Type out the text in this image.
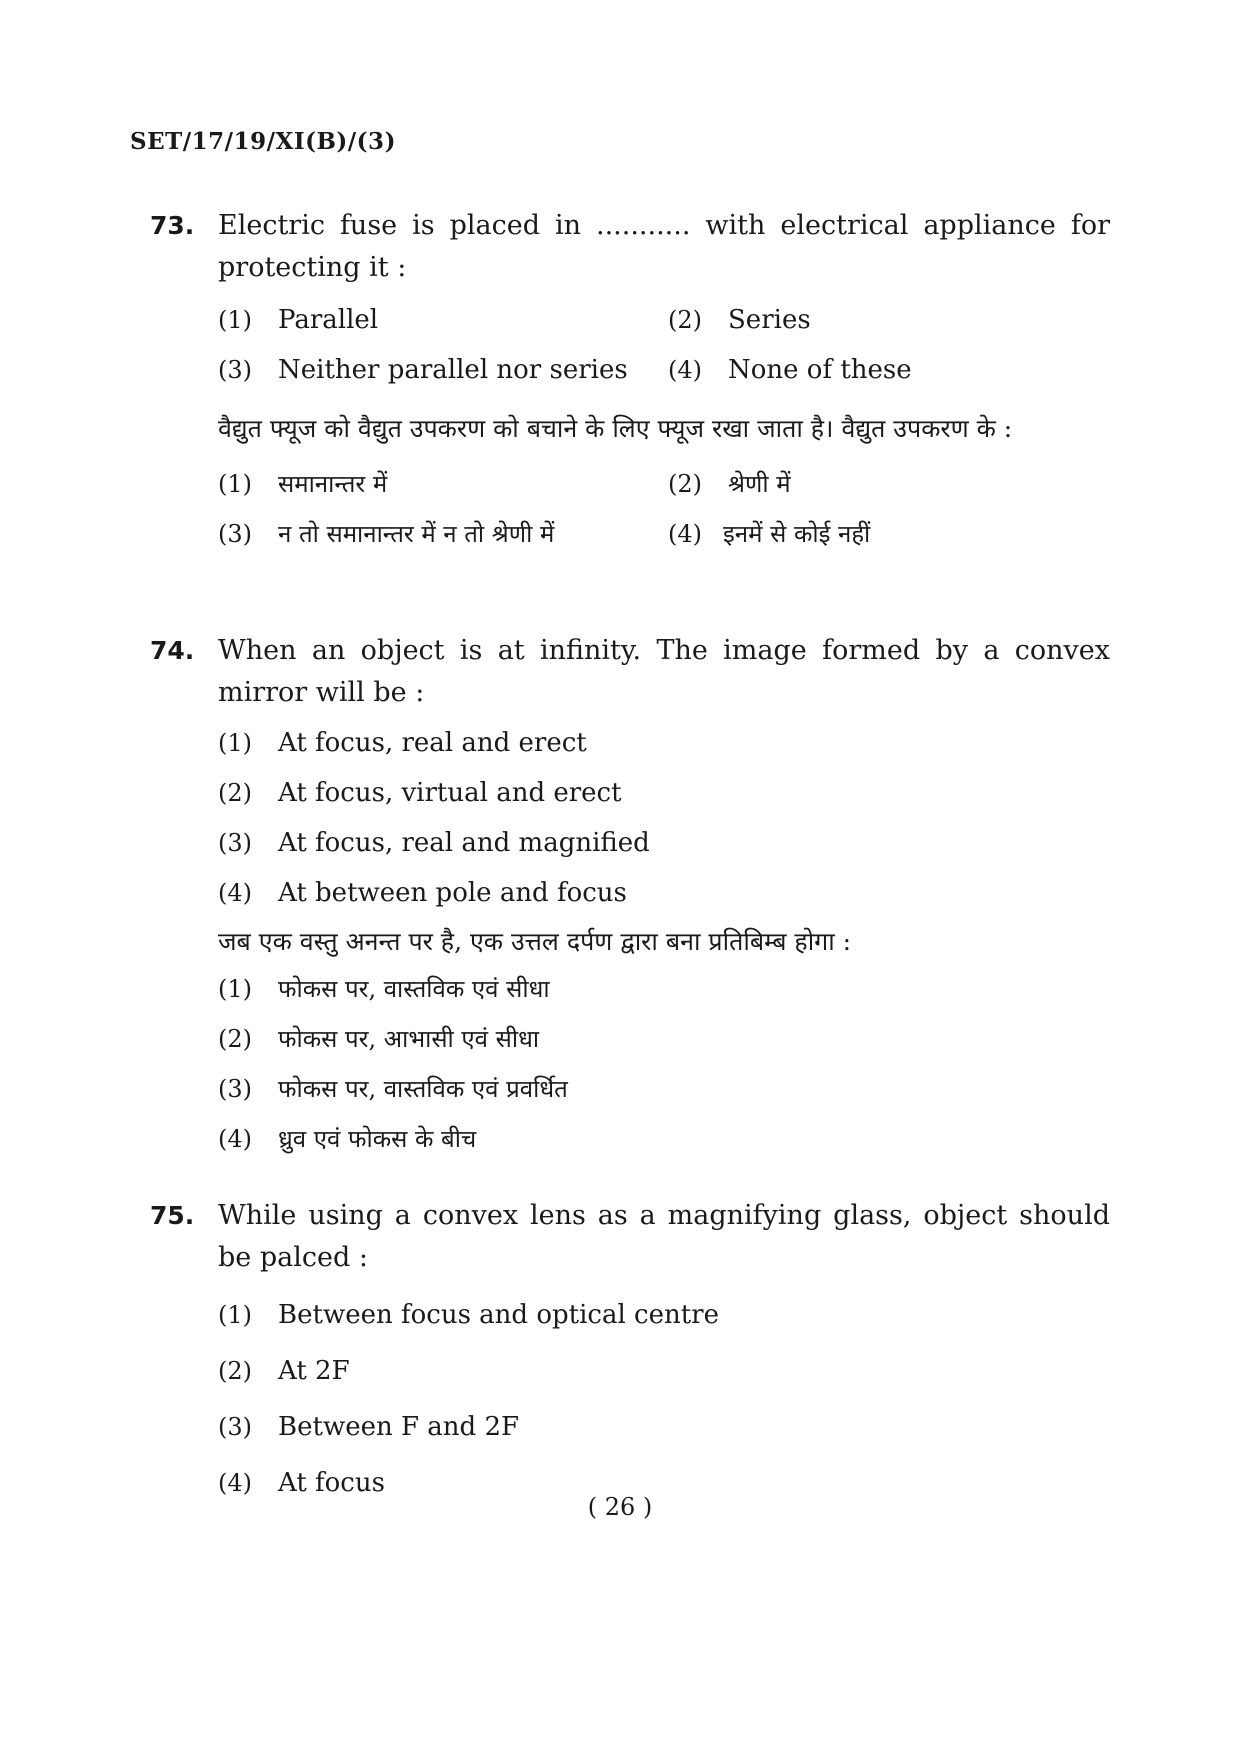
SET/17/19/XI(B)/(3)
73. Electric fuse is placed in ........... with electrical appliance for protecting it :

(1)	Parallel	(2)	Series
(3)	Neither parallel nor series (4)	None of these

वैद्युत फ्यूज को वैद्युत उपकरण को बचाने के लिए फ्यूज रखा जाता है। वैद्युत उपकरण के :

(1)	समानान्तर में	(2)	श्रेणी में
(3)	न तो समानान्तर में न तो श्रेणी में	(4) इनमें से कोई नहीं
74. When an object is at infinity. The image formed by a convex mirror will be :

(1)	At focus, real and erect
(2)	At focus, virtual and erect
(3)	At focus, real and magnified
(4)	At between pole and focus

जब एक वस्तु अनन्त पर है, एक उत्तल दर्पण द्वारा बना प्रतिबिम्ब होगा :

(1)	फोकस पर, वास्तविक एवं सीधा
(2)	फोकस पर, आभासी एवं सीधा
(3)	फोकस पर, वास्तविक एवं प्रवर्धित
(4)	ध्रुव एवं फोकस के बीच
75. While using a convex lens as a magnifying glass, object should be palced :

(1)	Between focus and optical centre
(2)	At 2F
(3)	Between F and 2F
(4)	At focus
( 26 )
